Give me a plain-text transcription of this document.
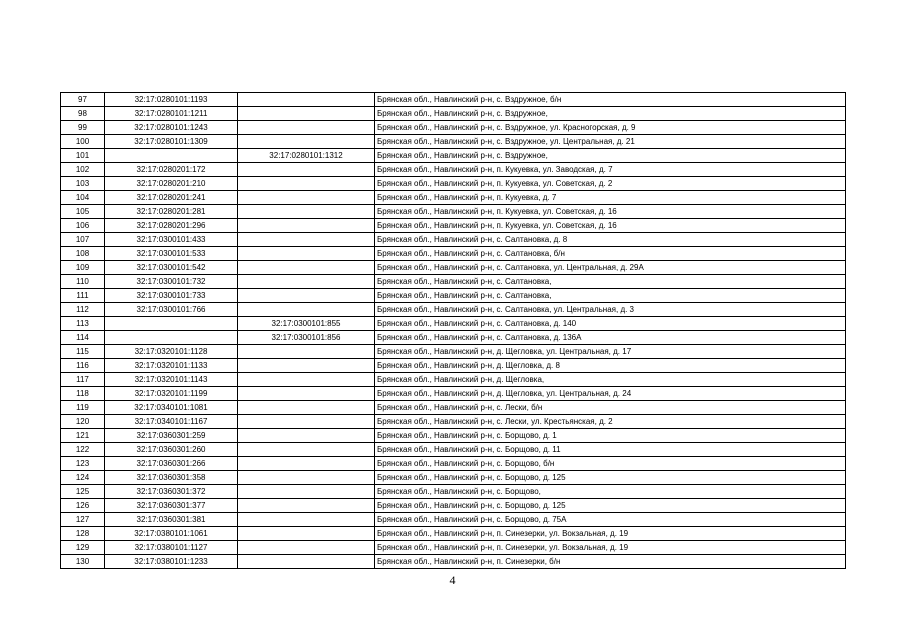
97	32:17:0280101:1193		Брянская обл., Навлинский р-н, с. Вздружное, б/н
98	32:17:0280101:1211		Брянская обл., Навлинский р-н, с. Вздружное,
99	32:17:0280101:1243		Брянская обл., Навлинский р-н, с. Вздружное, ул. Красногорская, д. 9
100	32:17:0280101:1309		Брянская обл., Навлинский р-н, с. Вздружное, ул. Центральная, д. 21
101		32:17:0280101:1312	Брянская обл., Навлинский р-н, с. Вздружное,
102	32:17:0280201:172		Брянская обл., Навлинский р-н, п. Кукуевка, ул. Заводская, д. 7
103	32:17:0280201:210		Брянская обл., Навлинский р-н, п. Кукуевка, ул. Советская, д. 2
104	32:17:0280201:241		Брянская обл., Навлинский р-н, п. Кукуевка, д. 7
105	32:17:0280201:281		Брянская обл., Навлинский р-н, п. Кукуевка, ул. Советская, д. 16
106	32:17:0280201:296		Брянская обл., Навлинский р-н, п. Кукуевка, ул. Советская, д. 16
107	32:17:0300101:433		Брянская обл., Навлинский р-н, с. Салтановка, д. 8
108	32:17:0300101:533		Брянская обл., Навлинский р-н, с. Салтановка, б/н
109	32:17:0300101:542		Брянская обл., Навлинский р-н, с. Салтановка, ул. Центральная, д. 29А
110	32:17:0300101:732		Брянская обл., Навлинский р-н, с. Салтановка,
111	32:17:0300101:733		Брянская обл., Навлинский р-н, с. Салтановка,
112	32:17:0300101:766		Брянская обл., Навлинский р-н, с. Салтановка, ул. Центральная, д. 3
113		32:17:0300101:855	Брянская обл., Навлинский р-н, с. Салтановка, д. 140
114		32:17:0300101:856	Брянская обл., Навлинский р-н, с. Салтановка, д. 136А
115	32:17:0320101:1128		Брянская обл., Навлинский р-н, д. Щегловка, ул. Центральная, д. 17
116	32:17:0320101:1133		Брянская обл., Навлинский р-н, д. Щегловка, д. 8
117	32:17:0320101:1143		Брянская обл., Навлинский р-н, д. Щегловка,
118	32:17:0320101:1199		Брянская обл., Навлинский р-н, д. Щегловка, ул. Центральная, д. 24
119	32:17:0340101:1081		Брянская обл., Навлинский р-н, с. Лески, б/н
120	32:17:0340101:1167		Брянская обл., Навлинский р-н, с. Лески, ул. Крестьянская, д. 2
121	32:17:0360301:259		Брянская обл., Навлинский р-н, с. Борщово, д. 1
122	32:17:0360301:260		Брянская обл., Навлинский р-н, с. Борщово, д. 11
123	32:17:0360301:266		Брянская обл., Навлинский р-н, с. Борщово, б/н
124	32:17:0360301:358		Брянская обл., Навлинский р-н, с. Борщово, д. 125
125	32:17:0360301:372		Брянская обл., Навлинский р-н, с. Борщово,
126	32:17:0360301:377		Брянская обл., Навлинский р-н, с. Борщово, д. 125
127	32:17:0360301:381		Брянская обл., Навлинский р-н, с. Борщово, д. 75А
128	32:17:0380101:1061		Брянская обл., Навлинский р-н, п. Синезерки, ул. Вокзальная, д. 19
129	32:17:0380101:1127		Брянская обл., Навлинский р-н, п. Синезерки, ул. Вокзальная, д. 19
130	32:17:0380101:1233		Брянская обл., Навлинский р-н, п. Синезерки, б/н
4
